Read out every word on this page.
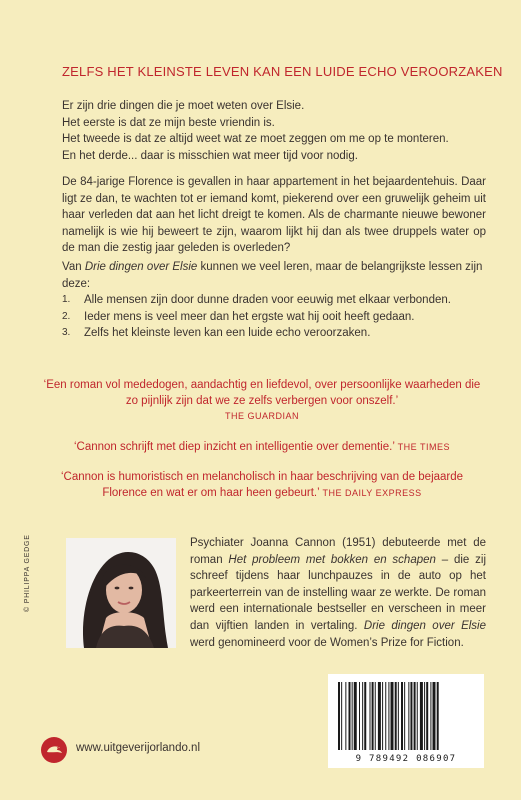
ZELFS HET KLEINSTE LEVEN KAN EEN LUIDE ECHO VEROORZAKEN

Er zijn drie dingen die je moet weten over Elsie.

Het eerste is dat ze mijn beste vriendin is.

Het tweede is dat ze altijd weet wat ze moet zeggen om me op te monteren.

En het derde... daar is misschien wat meer tijd voor nodig.

De 84-jarige Florence is gevallen in haar appartement in het bejaardentehuis. Daar ligt ze dan, te wachten tot er iemand komt, piekerend over een gruwelijk geheim uit haar verleden dat aan het licht dreigt te komen. Als de charmante nieuwe bewoner namelijk is wie hij beweert te zijn, waarom lijkt hij dan als twee druppels water op de man die zestig jaar geleden is overleden?
Van Drie dingen over Elsie kunnen we veel leren, maar de belangrijkste lessen zijn deze:
1.	Alle mensen zijn door dunne draden voor eeuwig met elkaar verbonden.
2.	Ieder mens is veel meer dan het ergste wat hij ooit heeft gedaan.
3.	Zelfs het kleinste leven kan een luide echo veroorzaken.

‘Een roman vol mededogen, aandachtig en liefdevol, over persoonlijke waarheden die zo pijnlijk zijn dat we ze zelfs verbergen voor onszelf.’
THE GUARDIAN

‘Cannon schrijft met diep inzicht en intelligentie over dementie.’ THE TIMES

‘Cannon is humoristisch en melancholisch in haar beschrijving van de bejaarde Florence en wat er om haar heen gebeurt.’ THE DAILY EXPRESS

© PHILIPPA GEDGE	Psychiater Joanna Cannon (1951) debuteerde met de roman Het probleem met bokken en schapen – die zij schreef tijdens haar lunchpauzes in de auto op het parkeerterrein van de instelling waar ze werkte. De roman werd een internationale bestseller en verscheen in meer dan vijftien landen in vertaling. Drie dingen over Elsie werd genomineerd voor de Women’s Prize for Fiction.
9 789492 086907
www.uitgeverijorlando.nl
